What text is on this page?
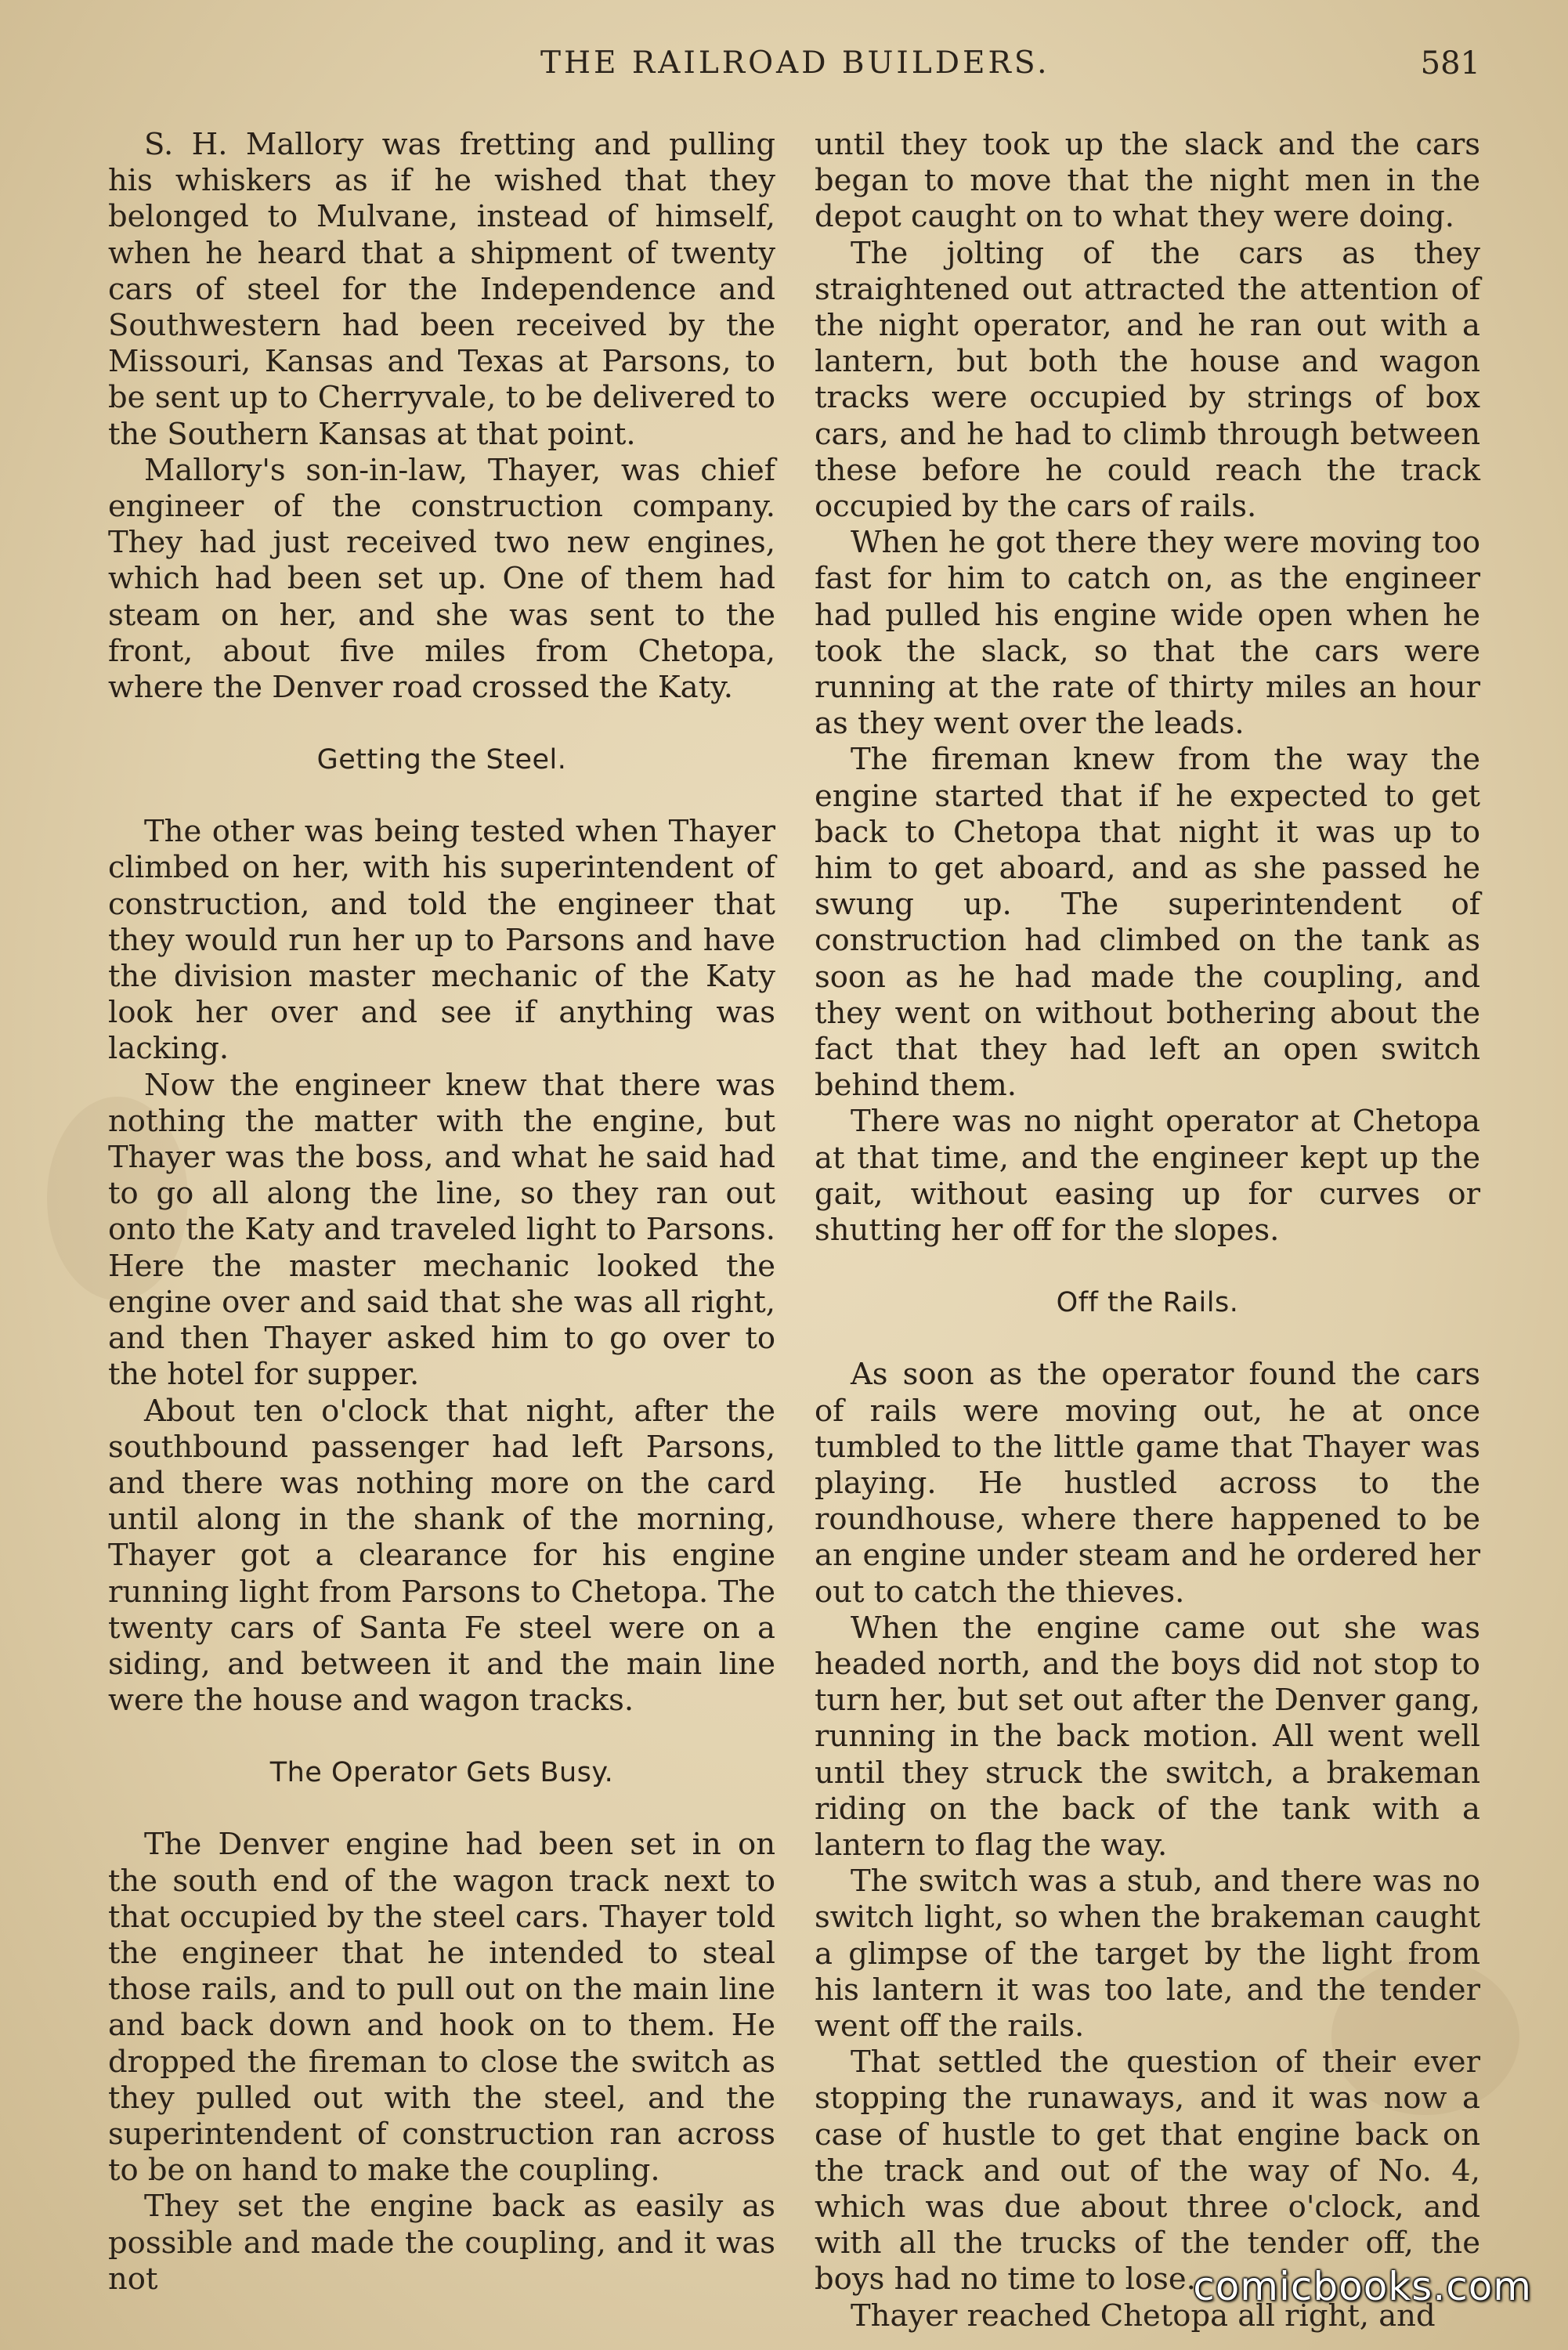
THE RAILROAD BUILDERS.	581

S. H. Mallory was fretting and pulling his whiskers as if he wished that they belonged to Mulvane, instead of himself, when he heard that a shipment of twenty cars of steel for the Independence and Southwestern had been received by the Missouri, Kansas and Texas at Parsons, to be sent up to Cherryvale, to be delivered to the Southern Kansas at that point.

Mallory's son-in-law, Thayer, was chief engineer of the construction company. They had just received two new engines, which had been set up. One of them had steam on her, and she was sent to the front, about five miles from Chetopa, where the Denver road crossed the Katy.

Getting the Steel.

The other was being tested when Thayer climbed on her, with his superintendent of construction, and told the engineer that they would run her up to Parsons and have the division master mechanic of the Katy look her over and see if anything was lacking.

Now the engineer knew that there was nothing the matter with the engine, but Thayer was the boss, and what he said had to go all along the line, so they ran out onto the Katy and traveled light to Parsons. Here the master mechanic looked the engine over and said that she was all right, and then Thayer asked him to go over to the hotel for supper.

About ten o'clock that night, after the southbound passenger had left Parsons, and there was nothing more on the card until along in the shank of the morning, Thayer got a clearance for his engine running light from Parsons to Chetopa. The twenty cars of Santa Fe steel were on a siding, and between it and the main line were the house and wagon tracks.

The Operator Gets Busy.

The Denver engine had been set in on the south end of the wagon track next to that occupied by the steel cars. Thayer told the engineer that he intended to steal those rails, and to pull out on the main line and back down and hook on to them. He dropped the fireman to close the switch as they pulled out with the steel, and the superintendent of construction ran across to be on hand to make the coupling.

They set the engine back as easily as possible and made the coupling, and it was not

until they took up the slack and the cars began to move that the night men in the depot caught on to what they were doing.

The jolting of the cars as they straightened out attracted the attention of the night operator, and he ran out with a lantern, but both the house and wagon tracks were occupied by strings of box cars, and he had to climb through between these before he could reach the track occupied by the cars of rails.

When he got there they were moving too fast for him to catch on, as the engineer had pulled his engine wide open when he took the slack, so that the cars were running at the rate of thirty miles an hour as they went over the leads.

The fireman knew from the way the engine started that if he expected to get back to Chetopa that night it was up to him to get aboard, and as she passed he swung up. The superintendent of construction had climbed on the tank as soon as he had made the coupling, and they went on without bothering about the fact that they had left an open switch behind them.

There was no night operator at Chetopa at that time, and the engineer kept up the gait, without easing up for curves or shutting her off for the slopes.

Off the Rails.

As soon as the operator found the cars of rails were moving out, he at once tumbled to the little game that Thayer was playing. He hustled across to the roundhouse, where there happened to be an engine under steam and he ordered her out to catch the thieves.

When the engine came out she was headed north, and the boys did not stop to turn her, but set out after the Denver gang, running in the back motion. All went well until they struck the switch, a brakeman riding on the back of the tank with a lantern to flag the way.

The switch was a stub, and there was no switch light, so when the brakeman caught a glimpse of the target by the light from his lantern it was too late, and the tender went off the rails.

That settled the question of their ever stopping the runaways, and it was now a case of hustle to get that engine back on the track and out of the way of No. 4, which was due about three o'clock, and with all the trucks of the tender off, the boys had no time to lose.

Thayer reached Chetopa all right, and

comicbooks.com
